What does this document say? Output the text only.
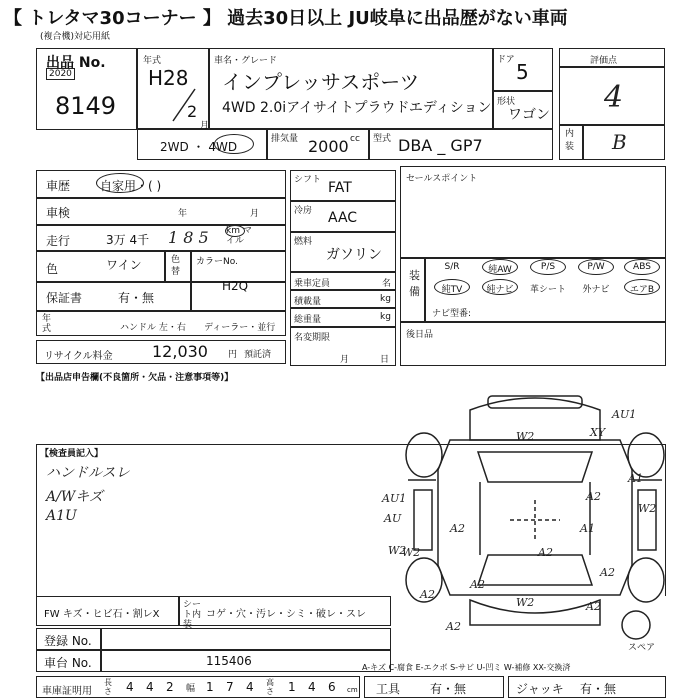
【 トレタマ30コーナー 】 過去30日以上 JU岐阜に出品歴がない車両
(複合機)対応用紙
出品 No.
2020
8149
年式
H28
2
月
車名・グレード
インプレッサスポーツ
4WD 2.0iアイサイトプラウドエディション
ドア 5
形状
ワゴン
2WD ・ 4WD
排気量 2000 cc 型式 DBA _ GP7
評価点
4
内装 B
車歴 自家用・( )
車検	年	月
走行	3万 4千 1 8 5 km マイル
色	ワイン	色替
カラーNo.
H2Q
保証書	有・無
年式	ハンドル 左・右 ディーラー・並行
シフト FAT
冷房 AAC
燃料
ガソリン
乗車定員	名
積載量	kg
総重量	kg
名変期限
月	日
セールスポイント
装備
S/R	純AW	P/S	P/W	ABS
純TV	純ナビ	革シート	外ナビ	エアB
ナビ型番:
後日品
リサイクル料金 12,030 円 預託済
【出品店申告欄(不良箇所・欠品・注意事項等)】
【検査員記入】
ハンドルスレ
A/Wキズ
A1U
AU1
XY
W2
W2
W2
A2
AU1
A1
A2
A2
AU
A2
A2
A1
W2
W2
A2
A2
A2
スペア
FW キズ・ヒビ石・割レX
シート内装
コゲ・穴・汚レ・シミ・破レ・スレ
登録 No.
車台 No.	115406	A-キズ C-腐食 E-エクボ S-サビ U-凹ミ W-補修 XX-交換済
車庫証明用
長さ 4 4 2 幅 1 7 4 高さ 1 4 6 cm 工具 有・無	ジャッキ 有・無
